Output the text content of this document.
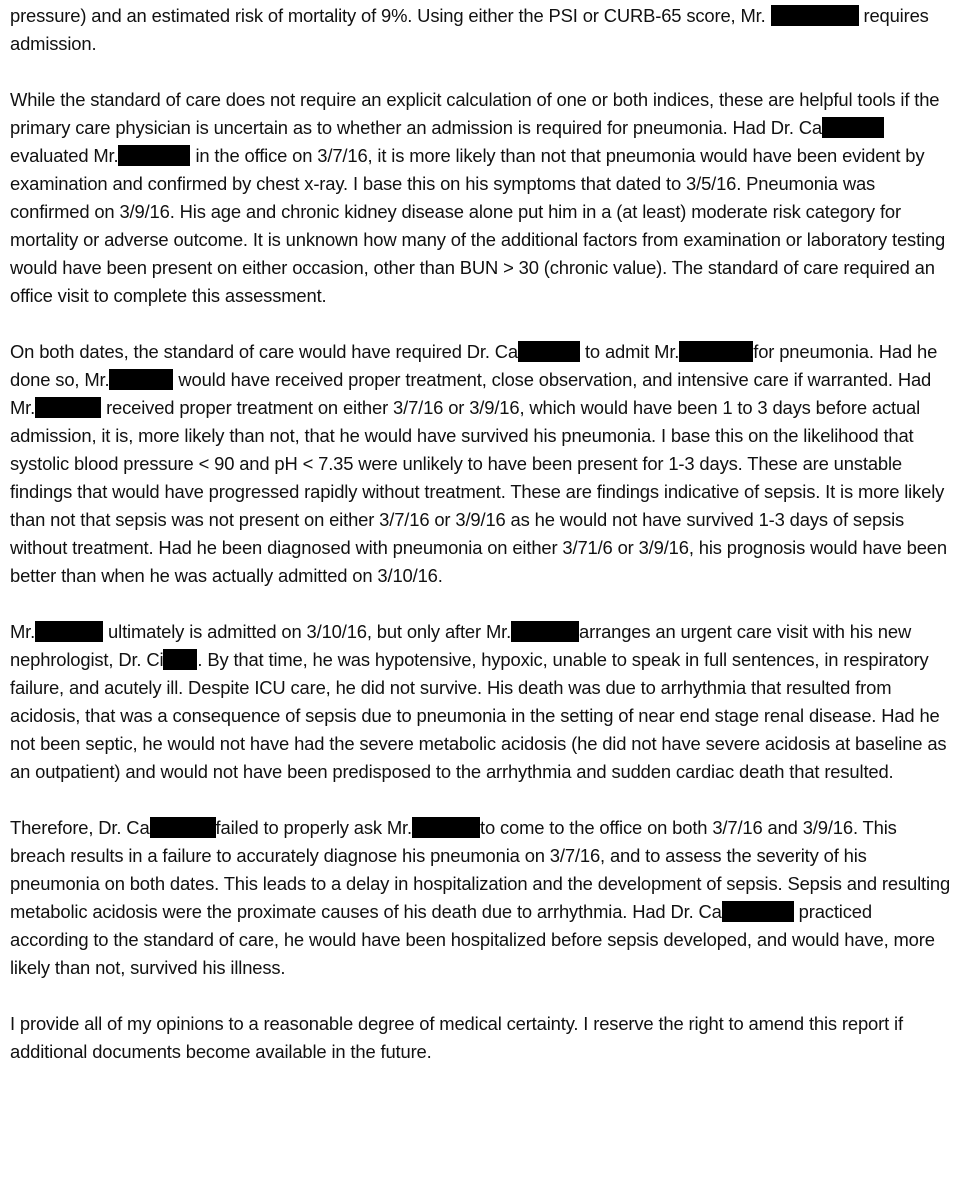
pressure) and an estimated risk of mortality of 9%. Using either the PSI or CURB-65 score, Mr.	requires admission.

While the standard of care does not require an explicit calculation of one or both indices, these are helpful tools if the primary care physician is uncertain as to whether an admission is required for pneumonia. Had Dr. Caevaluated Mr.	in the office on 3/7/16, it is more likely than not that pneumonia would have been evident by examination and confirmed by chest x-ray. I base this on his symptoms that dated to 3/5/16. Pneumonia was confirmed on 3/9/16. His age and chronic kidney disease alone put him in a (at least) moderate risk category for mortality or adverse outcome. It is unknown how many of the additional factors from examination or laboratory testing would have been present on either occasion, other than BUN > 30 (chronic value). The standard of care required an office visit to complete this assessment.

On both dates, the standard of care would have required Dr. Ca	to admit Mr.	for pneumonia. Had he done so, Mr.	would have received proper treatment, close observation, and intensive care if warranted. Had Mr.	received proper treatment on either 3/7/16 or 3/9/16, which would have been 1 to 3 days before actual admission, it is, more likely than not, that he would have survived his pneumonia. I base this on the likelihood that systolic blood pressure < 90 and pH < 7.35 were unlikely to have been present for 1-3 days. These are unstable findings that would have progressed rapidly without treatment. These are findings indicative of sepsis. It is more likely than not that sepsis was not present on either 3/7/16 or 3/9/16 as he would not have survived 1-3 days of sepsis without treatment. Had he been diagnosed with pneumonia on either 3/71/6 or 3/9/16, his prognosis would have been better than when he was actually admitted on 3/10/16.

Mr.	ultimately is admitted on 3/10/16, but only after Mr.	arranges an urgent care visit with his new nephrologist, Dr. Ci . By that time, he was hypotensive, hypoxic, unable to speak in full sentences, in respiratory failure, and acutely ill. Despite ICU care, he did not survive. His death was due to arrhythmia that resulted from acidosis, that was a consequence of sepsis due to pneumonia in the setting of near end stage renal disease. Had he not been septic, he would not have had the severe metabolic acidosis (he did not have severe acidosis at baseline as an outpatient) and would not have been predisposed to the arrhythmia and sudden cardiac death that resulted.

Therefore, Dr. Ca	failed to properly ask Mr.	to come to the office on both 3/7/16 and 3/9/16. This breach results in a failure to accurately diagnose his pneumonia on 3/7/16, and to assess the severity of his pneumonia on both dates. This leads to a delay in hospitalization and the development of sepsis. Sepsis and resulting metabolic acidosis were the proximate causes of his death due to arrhythmia. Had Dr. Ca	practiced according to the standard of care, he would have been hospitalized before sepsis developed, and would have, more likely than not, survived his illness.

I provide all of my opinions to a reasonable degree of medical certainty. I reserve the right to amend this report if additional documents become available in the future.
